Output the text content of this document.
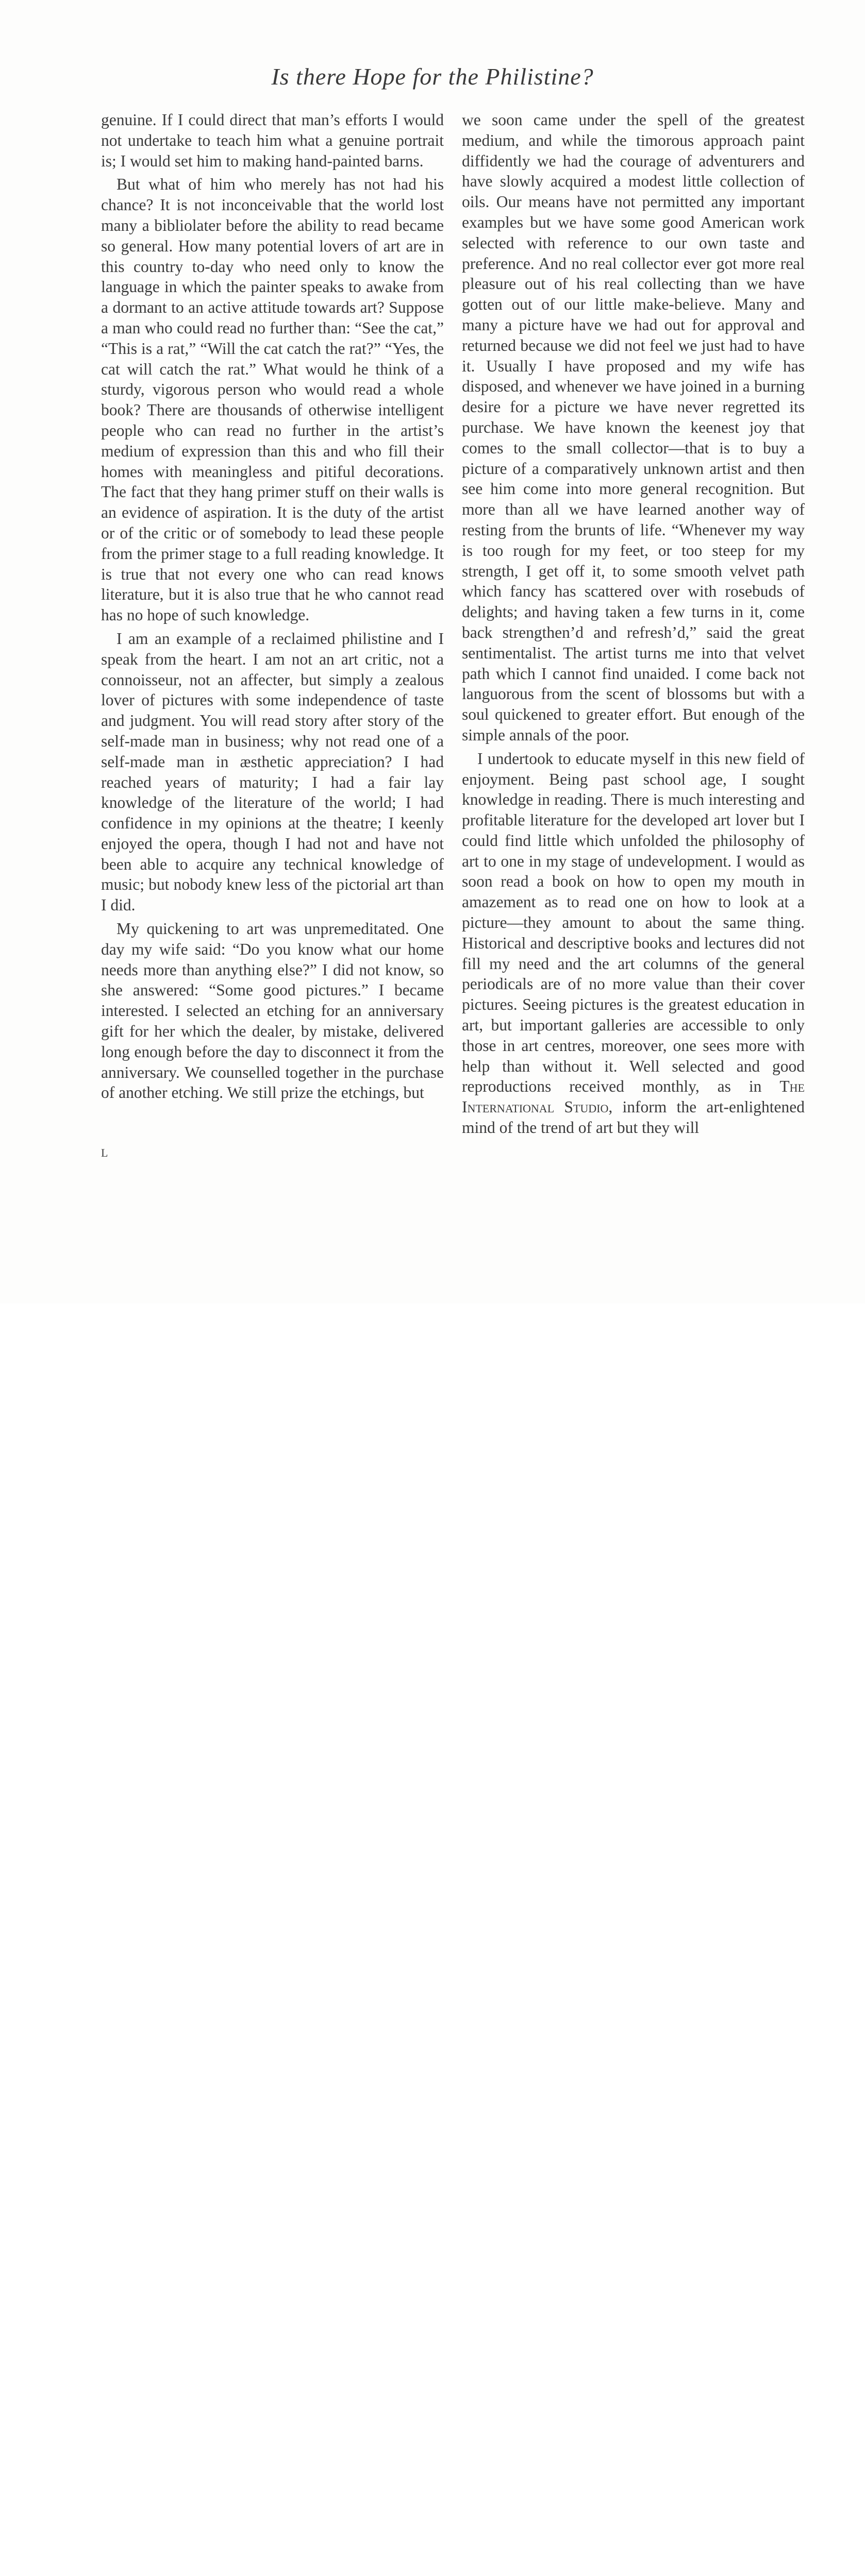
Is there Hope for the Philistine?

genuine. If I could direct that man’s efforts I would not undertake to teach him what a genuine portrait is; I would set him to making hand-painted barns.

But what of him who merely has not had his chance? It is not inconceivable that the world lost many a bibliolater before the ability to read became so general. How many potential lovers of art are in this country to-day who need only to know the language in which the painter speaks to awake from a dormant to an active attitude towards art? Suppose a man who could read no further than: “See the cat,” “This is a rat,” “Will the cat catch the rat?” “Yes, the cat will catch the rat.” What would he think of a sturdy, vigorous person who would read a whole book? There are thousands of otherwise intelligent people who can read no further in the artist’s medium of expression than this and who fill their homes with meaningless and pitiful decorations. The fact that they hang primer stuff on their walls is an evidence of aspiration. It is the duty of the artist or of the critic or of somebody to lead these people from the primer stage to a full reading knowledge. It is true that not every one who can read knows literature, but it is also true that he who cannot read has no hope of such knowledge.

I am an example of a reclaimed philistine and I speak from the heart. I am not an art critic, not a connoisseur, not an affecter, but simply a zealous lover of pictures with some independence of taste and judgment. You will read story after story of the self-made man in business; why not read one of a self-made man in æsthetic appreciation? I had reached years of maturity; I had a fair lay knowledge of the literature of the world; I had confidence in my opinions at the theatre; I keenly enjoyed the opera, though I had not and have not been able to acquire any technical knowledge of music; but nobody knew less of the pictorial art than I did.

My quickening to art was unpremeditated. One day my wife said: “Do you know what our home needs more than anything else?” I did not know, so she answered: “Some good pictures.” I became interested. I selected an etching for an anniversary gift for her which the dealer, by mistake, delivered long enough before the day to disconnect it from the anniversary. We counselled together in the purchase of another etching. We still prize the etchings, but

we soon came under the spell of the greatest medium, and while the timorous approach paint diffidently we had the courage of adventurers and have slowly acquired a modest little collection of oils. Our means have not permitted any important examples but we have some good American work selected with reference to our own taste and preference. And no real collector ever got more real pleasure out of his real collecting than we have gotten out of our little make-believe. Many and many a picture have we had out for approval and returned because we did not feel we just had to have it. Usually I have proposed and my wife has disposed, and whenever we have joined in a burning desire for a picture we have never regretted its purchase. We have known the keenest joy that comes to the small collector—that is to buy a picture of a comparatively unknown artist and then see him come into more general recognition. But more than all we have learned another way of resting from the brunts of life. “Whenever my way is too rough for my feet, or too steep for my strength, I get off it, to some smooth velvet path which fancy has scattered over with rosebuds of delights; and having taken a few turns in it, come back strengthen’d and refresh’d,” said the great sentimentalist. The artist turns me into that velvet path which I cannot find unaided. I come back not languorous from the scent of blossoms but with a soul quickened to greater effort. But enough of the simple annals of the poor.

I undertook to educate myself in this new field of enjoyment. Being past school age, I sought knowledge in reading. There is much interesting and profitable literature for the developed art lover but I could find little which unfolded the philosophy of art to one in my stage of undevelopment. I would as soon read a book on how to open my mouth in amazement as to read one on how to look at a picture—they amount to about the same thing. Historical and descriptive books and lectures did not fill my need and the art columns of the general periodicals are of no more value than their cover pictures. Seeing pictures is the greatest education in art, but important galleries are accessible to only those in art centres, moreover, one sees more with help than without it. Well selected and good reproductions received monthly, as in The International Studio, inform the art-enlightened mind of the trend of art but they will

L
